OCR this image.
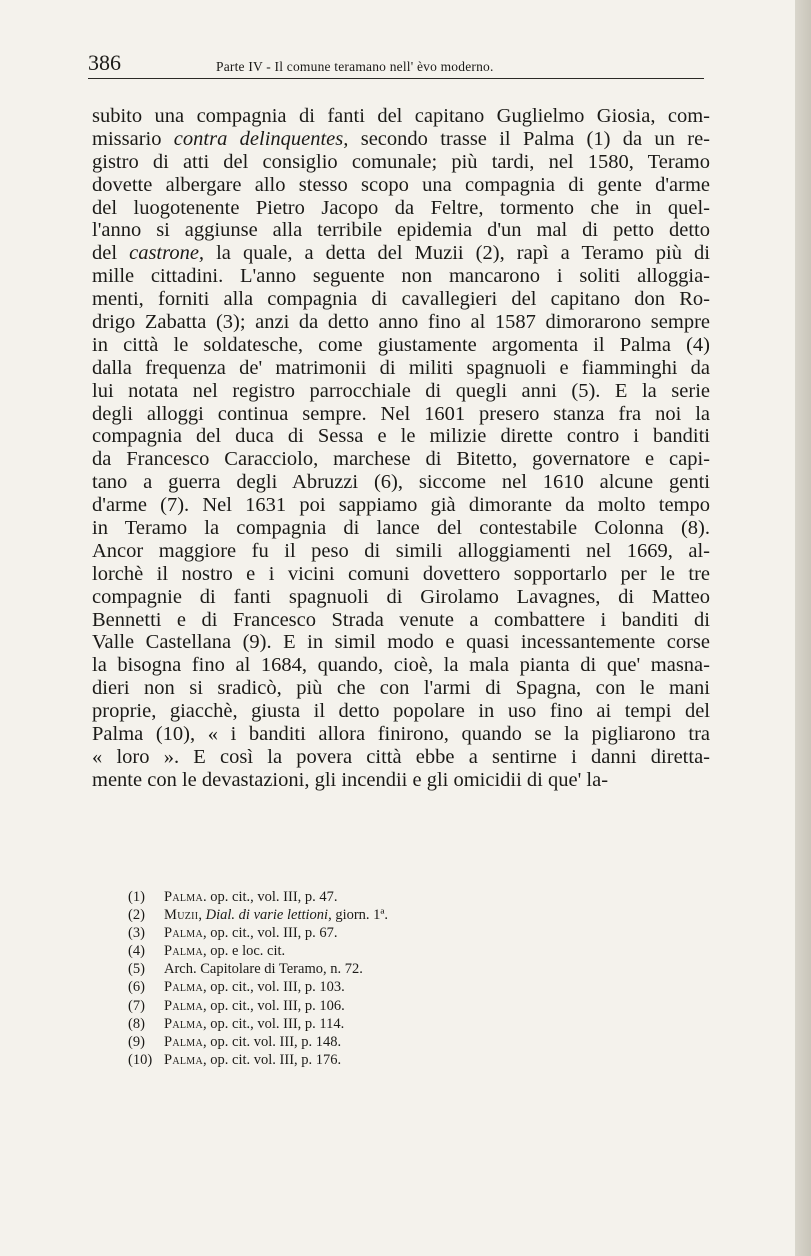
386	Parte IV - Il comune teramano nell' èvo moderno.
subito una compagnia di fanti del capitano Guglielmo Giosia, com-
missario contra delinquentes, secondo trasse il Palma (1) da un re-
gistro di atti del consiglio comunale; più tardi, nel 1580, Teramo
dovette albergare allo stesso scopo una compagnia di gente d'arme
del luogotenente Pietro Jacopo da Feltre, tormento che in quel-
l'anno si aggiunse alla terribile epidemia d'un mal di petto detto
del castrone, la quale, a detta del Muzii (2), rapì a Teramo più di
mille cittadini. L'anno seguente non mancarono i soliti alloggia-
menti, forniti alla compagnia di cavallegieri del capitano don Ro-
drigo Zabatta (3); anzi da detto anno fino al 1587 dimorarono sempre
in città le soldatesche, come giustamente argomenta il Palma (4)
dalla frequenza de' matrimonii di militi spagnuoli e fiamminghi da
lui notata nel registro parrocchiale di quegli anni (5). E la serie
degli alloggi continua sempre. Nel 1601 presero stanza fra noi la
compagnia del duca di Sessa e le milizie dirette contro i banditi
da Francesco Caracciolo, marchese di Bitetto, governatore e capi-
tano a guerra degli Abruzzi (6), siccome nel 1610 alcune genti
d'arme (7). Nel 1631 poi sappiamo già dimorante da molto tempo
in Teramo la compagnia di lance del contestabile Colonna (8).
Ancor maggiore fu il peso di simili alloggiamenti nel 1669, al-
lorchè il nostro e i vicini comuni dovettero sopportarlo per le tre
compagnie di fanti spagnuoli di Girolamo Lavagnes, di Matteo
Bennetti e di Francesco Strada venute a combattere i banditi di
Valle Castellana (9). E in simil modo e quasi incessantemente corse
la bisogna fino al 1684, quando, cioè, la mala pianta di que' masna-
dieri non si sradicò, più che con l'armi di Spagna, con le mani
proprie, giacchè, giusta il detto popolare in uso fino ai tempi del
Palma (10), « i banditi allora finirono, quando se la pigliarono tra
« loro ». E così la povera città ebbe a sentirne i danni diretta-
mente con le devastazioni, gli incendii e gli omicidii di que' la-
(1) Palma. op. cit., vol. III, p. 47.
(2) Muzii, Dial. di varie lettioni, giorn. 1ª.
(3) Palma, op. cit., vol. III, p. 67.
(4) Palma, op. e loc. cit.
(5) Arch. Capitolare di Teramo, n. 72.
(6) Palma, op. cit., vol. III, p. 103.
(7) Palma, op. cit., vol. III, p. 106.
(8) Palma, op. cit., vol. III, p. 114.
(9) Palma, op. cit. vol. III, p. 148.
(10) Palma, op. cit. vol. III, p. 176.
